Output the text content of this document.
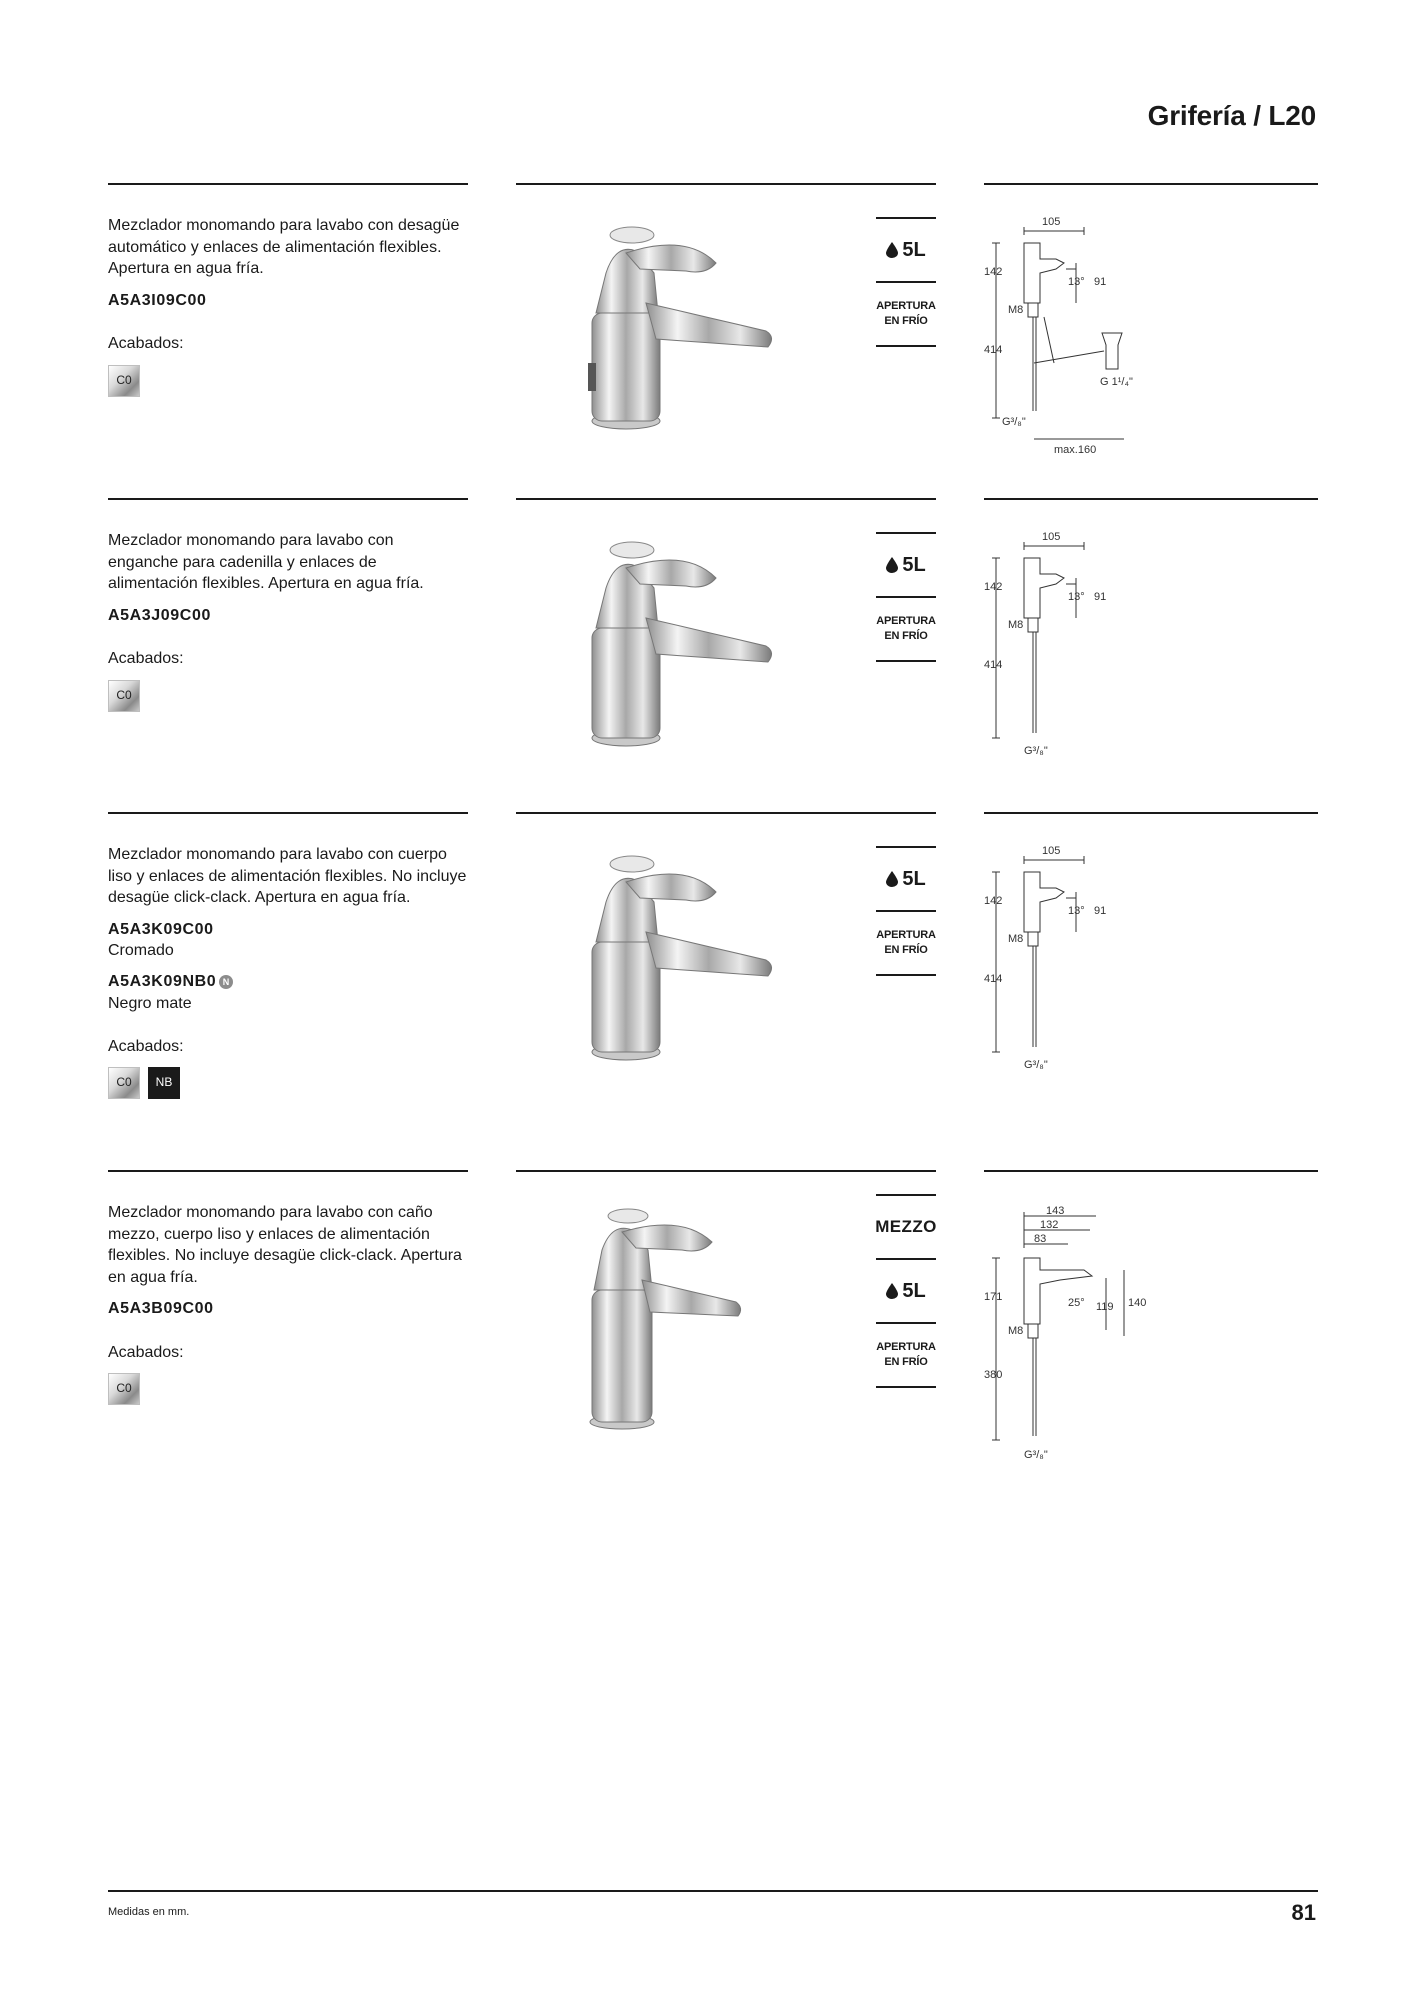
Grifería / L20
Mezclador monomando para lavabo con desagüe automático y enlaces de alimentación flexibles. Apertura en agua fría.
A5A3I09C00
Acabados:
C0
5L
APERTURA
EN FRÍO
105
142
13° 91
M8
414
G 1¹/₄"
G³/₈"
max.160
Mezclador monomando para lavabo con enganche para cadenilla y enlaces de alimentación flexibles. Apertura en agua fría.
A5A3J09C00
Acabados:
C0
5L
APERTURA
EN FRÍO
105
142
13° 91
M8
414
G³/₈"
Mezclador monomando para lavabo con cuerpo liso y enlaces de alimentación flexibles. No incluye desagüe click-clack. Apertura en agua fría.
A5A3K09C00
Cromado
A5A3K09NB0 N
Negro mate
Acabados:
C0	NB
5L
APERTURA
EN FRÍO
105
142
13° 91
M8
414
G³/₈"
Mezclador monomando para lavabo con caño mezzo, cuerpo liso y enlaces de alimentación flexibles. No incluye desagüe click-clack. Apertura en agua fría.
A5A3B09C00
Acabados:
C0
MEZZO
5L
APERTURA
EN FRÍO
143
132
83
171	25° 119 140
M8
380
G³/₈"
Medidas en mm.	81
